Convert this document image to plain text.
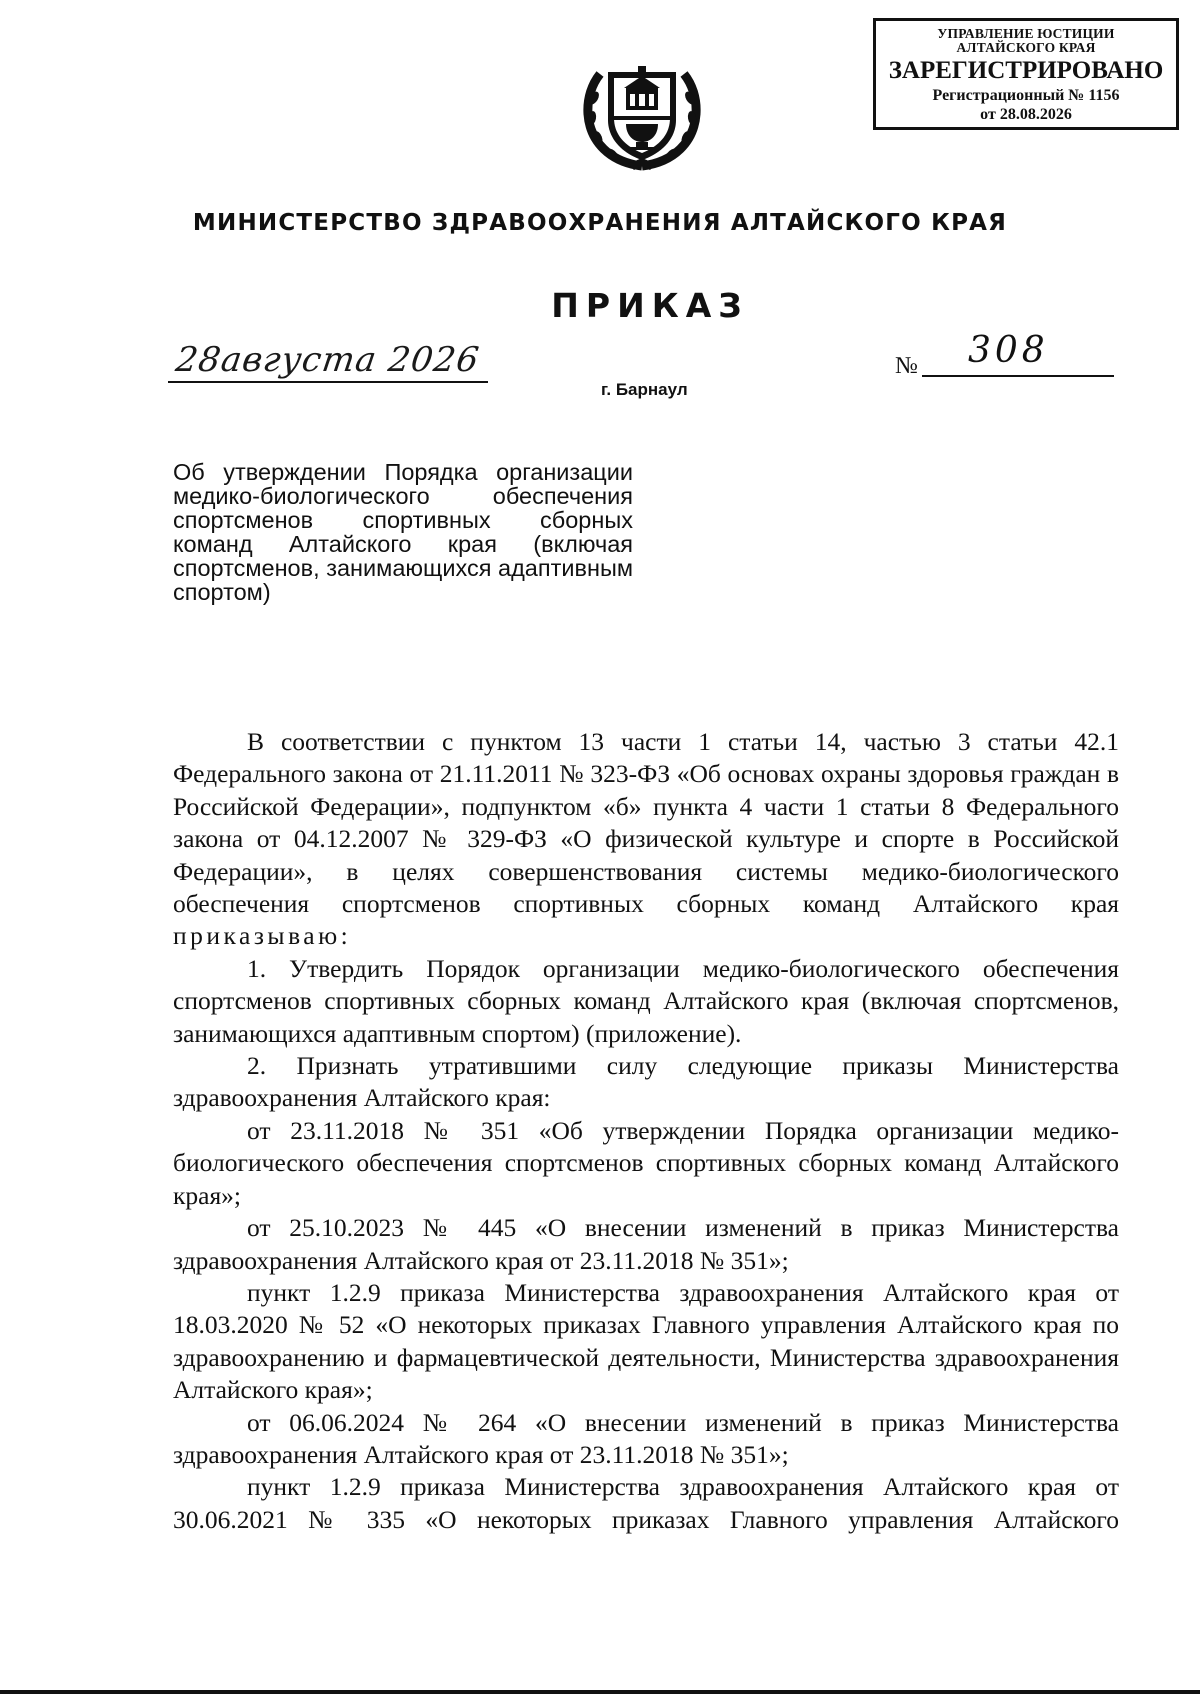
УПРАВЛЕНИЕ ЮСТИЦИИ
АЛТАЙСКОГО КРАЯ
ЗАРЕГИСТРИРОВАНО
Регистрационный № 1156
от 28.08.2026
МИНИСТЕРСТВО ЗДРАВООХРАНЕНИЯ АЛТАЙСКОГО КРАЯ
ПРИКАЗ
28августа 2026	№ 308
г. Барнаул
Об утверждении Порядка организации медико-биологического обеспечения спортсменов спортивных сборных команд Алтайского края (включая спортсменов, занимающихся адаптивным спортом)

В соответствии с пунктом 13 части 1 статьи 14, частью 3 статьи 42.1 Федерального закона от 21.11.2011 № 323-ФЗ «Об основах охраны здоровья граждан в Российской Федерации», подпунктом «б» пункта 4 части 1 статьи 8 Федерального закона от 04.12.2007 № 329-ФЗ «О физической культуре и спорте в Российской Федерации», в целях совершенствования системы медико-биологического обеспечения спортсменов спортивных сборных команд Алтайского края приказываю:

1. Утвердить Порядок организации медико-биологического обеспечения спортсменов спортивных сборных команд Алтайского края (включая спортсменов, занимающихся адаптивным спортом) (приложение).

2. Признать утратившими силу следующие приказы Министерства здравоохранения Алтайского края:

от 23.11.2018 № 351 «Об утверждении Порядка организации медико-биологического обеспечения спортсменов спортивных сборных команд Алтайского края»;

от 25.10.2023 № 445 «О внесении изменений в приказ Министерства здравоохранения Алтайского края от 23.11.2018 № 351»;

пункт 1.2.9 приказа Министерства здравоохранения Алтайского края от 18.03.2020 № 52 «О некоторых приказах Главного управления Алтайского края по здравоохранению и фармацевтической деятельности, Министерства здравоохранения Алтайского края»;

от 06.06.2024 № 264 «О внесении изменений в приказ Министерства здравоохранения Алтайского края от 23.11.2018 № 351»;

пункт 1.2.9 приказа Министерства здравоохранения Алтайского края от 30.06.2021 № 335 «О некоторых приказах Главного управления Алтайского
